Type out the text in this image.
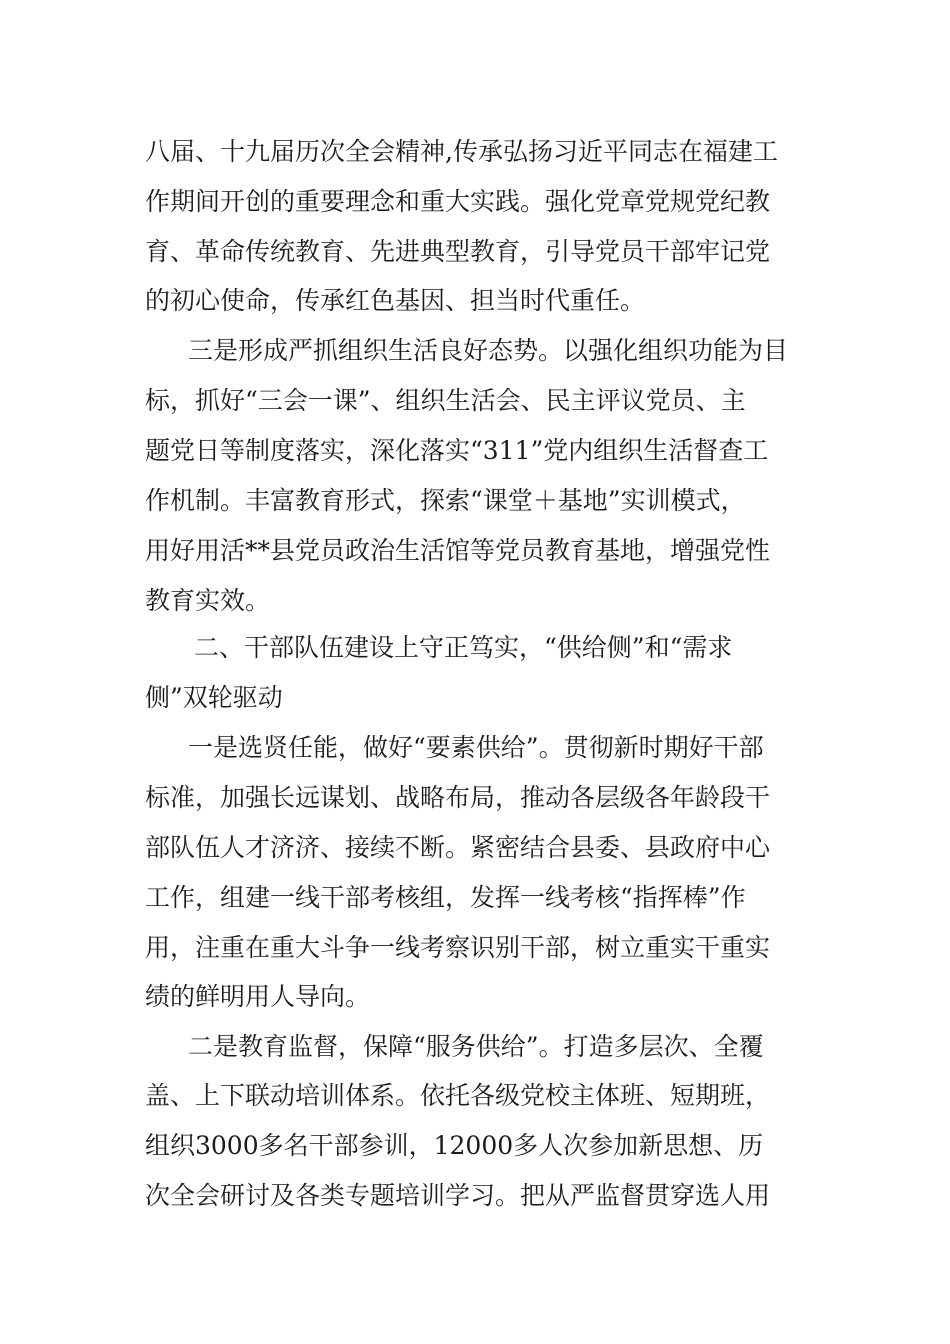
八届、十九届历次全会精神,传承弘扬习近平同志在福建工
作期间开创的重要理念和重大实践。强化党章党规党纪教
育、革命传统教育、先进典型教育，引导党员干部牢记党
的初心使命，传承红色基因、担当时代重任。
三是形成严抓组织生活良好态势。以强化组织功能为目
标，抓好“三会一课”、组织生活会、民主评议党员、主
题党日等制度落实，深化落实“311”党内组织生活督查工
作机制。丰富教育形式，探索“课堂＋基地”实训模式，
用好用活**县党员政治生活馆等党员教育基地，增强党性
教育实效。
二、干部队伍建设上守正笃实，“供给侧”和“需求
侧”双轮驱动
一是选贤任能，做好“要素供给”。贯彻新时期好干部
标准，加强长远谋划、战略布局，推动各层级各年龄段干
部队伍人才济济、接续不断。紧密结合县委、县政府中心
工作，组建一线干部考核组，发挥一线考核“指挥棒”作
用，注重在重大斗争一线考察识别干部，树立重实干重实
绩的鲜明用人导向。
二是教育监督，保障“服务供给”。打造多层次、全覆
盖、上下联动培训体系。依托各级党校主体班、短期班，
组织3000多名干部参训，12000多人次参加新思想、历
次全会研讨及各类专题培训学习。把从严监督贯穿选人用
